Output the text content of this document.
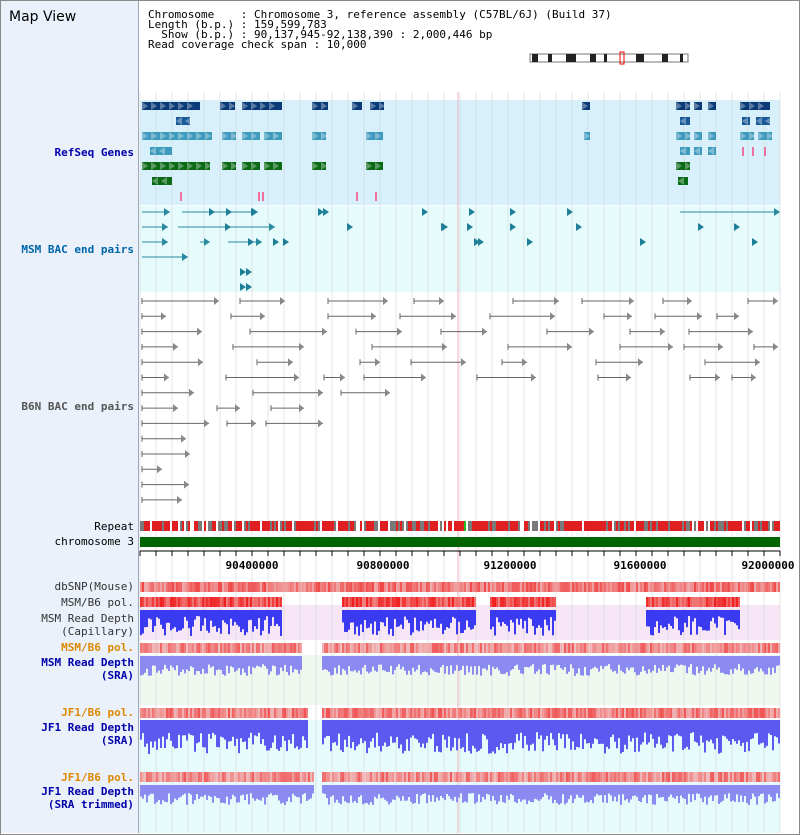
Map View	Chromosome    : Chromosome 3, reference assembly (C57BL/6J) (Build 37)
Length (b.p.) : 159,599,783
Show (b.p.) : 90,137,945-92,138,390 : 2,000,446 bp
Read coverage check span : 10,000
90400000	90800000	91200000	91600000	92000000
RefSeq Genes
MSM BAC end pairs
B6N BAC end pairs
Repeat
chromosome 3
dbSNP(Mouse)
MSM/B6 pol.
MSM Read Depth
(Capillary)
MSM/B6 pol.
MSM Read Depth
(SRA)
JF1/B6 pol.
JF1 Read Depth
(SRA)
JF1/B6 pol.
JF1 Read Depth
(SRA trimmed)
